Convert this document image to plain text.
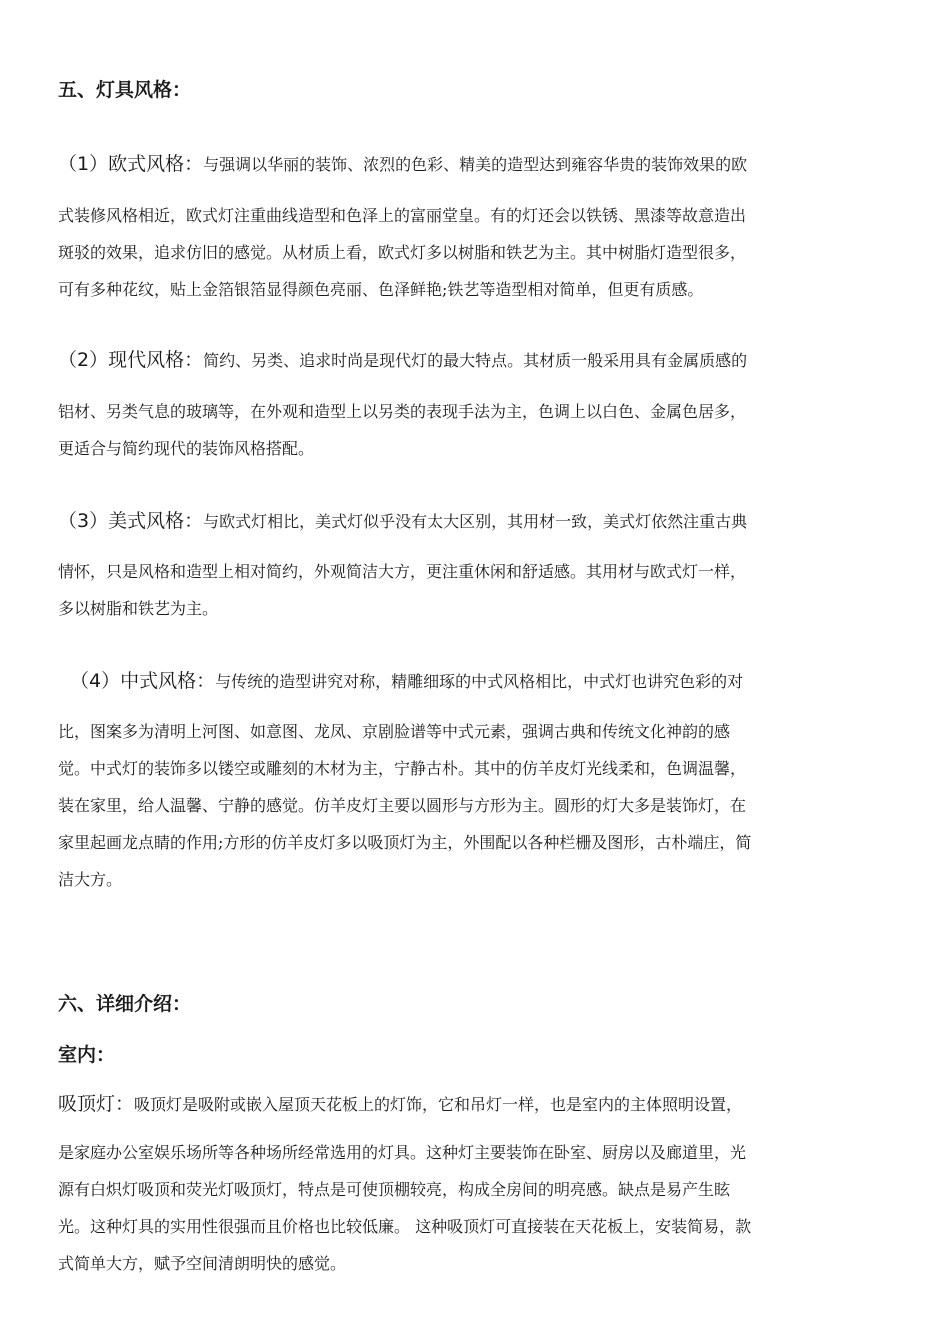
五、灯具风格：
（1）欧式风格：与强调以华丽的装饰、浓烈的色彩、精美的造型达到雍容华贵的装饰效果的欧
式装修风格相近，欧式灯注重曲线造型和色泽上的富丽堂皇。有的灯还会以铁锈、黑漆等故意造出
斑驳的效果，追求仿旧的感觉。从材质上看，欧式灯多以树脂和铁艺为主。其中树脂灯造型很多，
可有多种花纹，贴上金箔银箔显得颜色亮丽、色泽鲜艳;铁艺等造型相对简单，但更有质感。
（2）现代风格：简约、另类、追求时尚是现代灯的最大特点。其材质一般采用具有金属质感的
铝材、另类气息的玻璃等，在外观和造型上以另类的表现手法为主，色调上以白色、金属色居多，
更适合与简约现代的装饰风格搭配。
（3）美式风格：与欧式灯相比，美式灯似乎没有太大区别，其用材一致，美式灯依然注重古典
情怀，只是风格和造型上相对简约，外观简洁大方，更注重休闲和舒适感。其用材与欧式灯一样，
多以树脂和铁艺为主。
（4）中式风格：与传统的造型讲究对称，精雕细琢的中式风格相比，中式灯也讲究色彩的对
比，图案多为清明上河图、如意图、龙凤、京剧脸谱等中式元素，强调古典和传统文化神韵的感
觉。中式灯的装饰多以镂空或雕刻的木材为主，宁静古朴。其中的仿羊皮灯光线柔和，色调温馨，
装在家里，给人温馨、宁静的感觉。仿羊皮灯主要以圆形与方形为主。圆形的灯大多是装饰灯，在
家里起画龙点睛的作用;方形的仿羊皮灯多以吸顶灯为主，外围配以各种栏栅及图形，古朴端庄，简
洁大方。
六、详细介绍：
室内：
吸顶灯：吸顶灯是吸附或嵌入屋顶天花板上的灯饰，它和吊灯一样，也是室内的主体照明设置，
是家庭办公室娱乐场所等各种场所经常选用的灯具。这种灯主要装饰在卧室、厨房以及廊道里，光
源有白炽灯吸顶和荧光灯吸顶灯，特点是可使顶棚较亮，构成全房间的明亮感。缺点是易产生眩
光。这种灯具的实用性很强而且价格也比较低廉。 这种吸顶灯可直接装在天花板上，安装简易，款
式简单大方，赋予空间清朗明快的感觉。
